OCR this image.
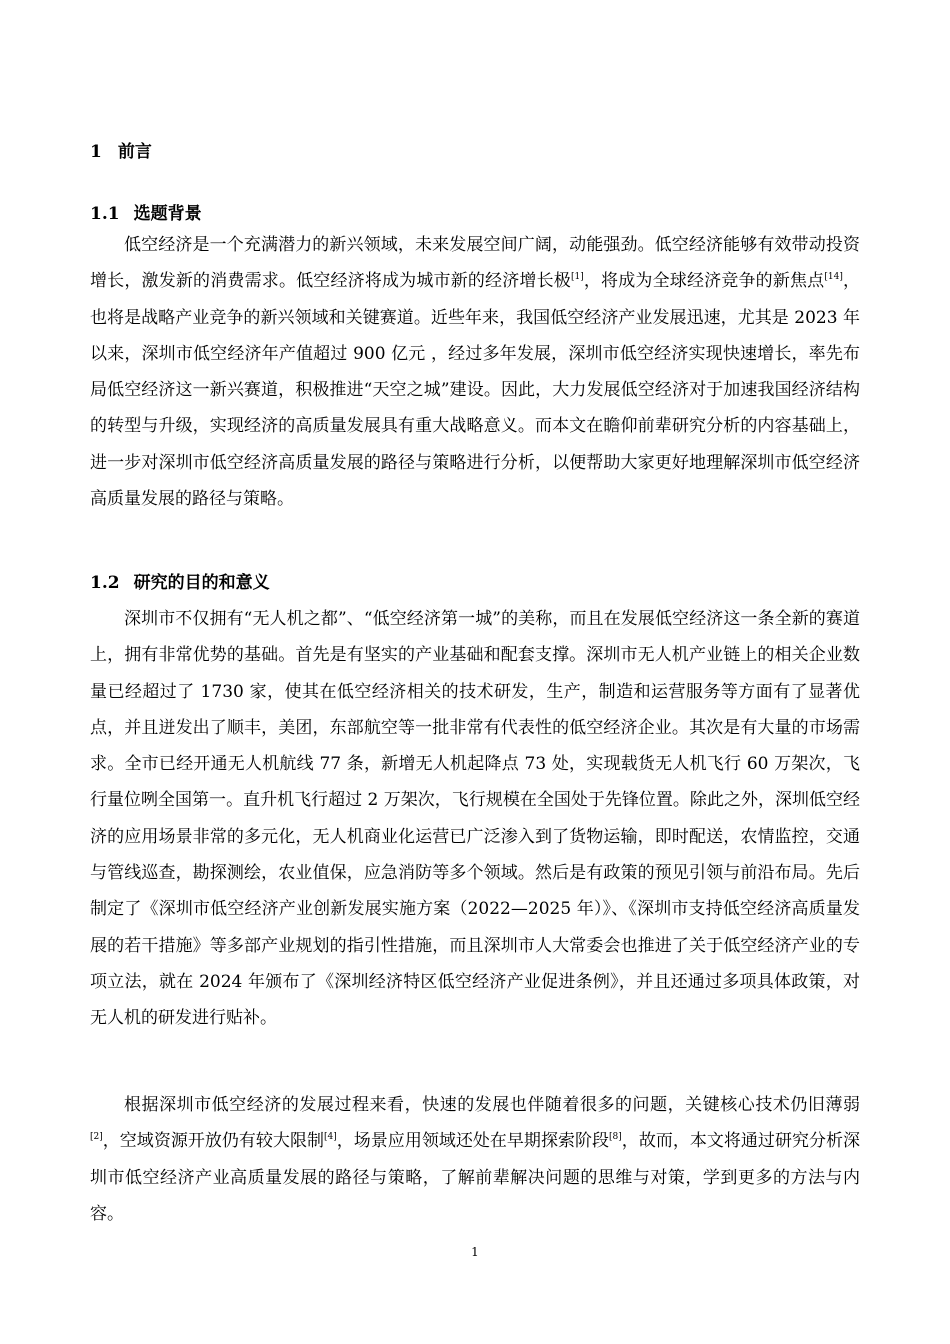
1 前言
1.1 选题背景

低空经济是一个充满潜力的新兴领域，未来发展空间广阔，动能强劲。低空经济能够有效带动投资增长，激发新的消费需求。低空经济将成为城市新的经济增长极[1]，将成为全球经济竞争的新焦点[14]，也将是战略产业竞争的新兴领域和关键赛道。近些年来，我国低空经济产业发展迅速，尤其是 2023 年以来，深圳市低空经济年产值超过 900 亿元 ，经过多年发展，深圳市低空经济实现快速增长，率先布局低空经济这一新兴赛道，积极推进“天空之城”建设。因此，大力发展低空经济对于加速我国经济结构的转型与升级，实现经济的高质量发展具有重大战略意义。而本文在瞻仰前辈研究分析的内容基础上，进一步对深圳市低空经济高质量发展的路径与策略进行分析，以便帮助大家更好地理解深圳市低空经济高质量发展的路径与策略。

1.2 研究的目的和意义

深圳市不仅拥有“无人机之都”、“低空经济第一城”的美称，而且在发展低空经济这一条全新的赛道上，拥有非常优势的基础。首先是有坚实的产业基础和配套支撑。深圳市无人机产业链上的相关企业数量已经超过了 1730 家，使其在低空经济相关的技术研发，生产，制造和运营服务等方面有了显著优点，并且迸发出了顺丰，美团，东部航空等一批非常有代表性的低空经济企业。其次是有大量的市场需求。全市已经开通无人机航线 77 条，新增无人机起降点 73 处，实现载货无人机飞行 60 万架次，飞行量位咧全国第一。直升机飞行超过 2 万架次，飞行规模在全国处于先锋位置。除此之外，深圳低空经济的应用场景非常的多元化，无人机商业化运营已广泛渗入到了货物运输，即时配送，农情监控，交通与管线巡查，勘探测绘，农业值保，应急消防等多个领域。然后是有政策的预见引领与前沿布局。先后制定了《深圳市低空经济产业创新发展实施方案（2022—2025 年）》、《深圳市支持低空经济高质量发展的若干措施》等多部产业规划的指引性措施，而且深圳市人大常委会也推进了关于低空经济产业的专项立法，就在 2024 年颁布了《深圳经济特区低空经济产业促进条例》，并且还通过多项具体政策，对无人机的研发进行贴补。

根据深圳市低空经济的发展过程来看，快速的发展也伴随着很多的问题，关键核心技术仍旧薄弱[2]，空域资源开放仍有较大限制[4]，场景应用领域还处在早期探索阶段[8]，故而，本文将通过研究分析深圳市低空经济产业高质量发展的路径与策略，了解前辈解决问题的思维与对策，学到更多的方法与内容。

1
